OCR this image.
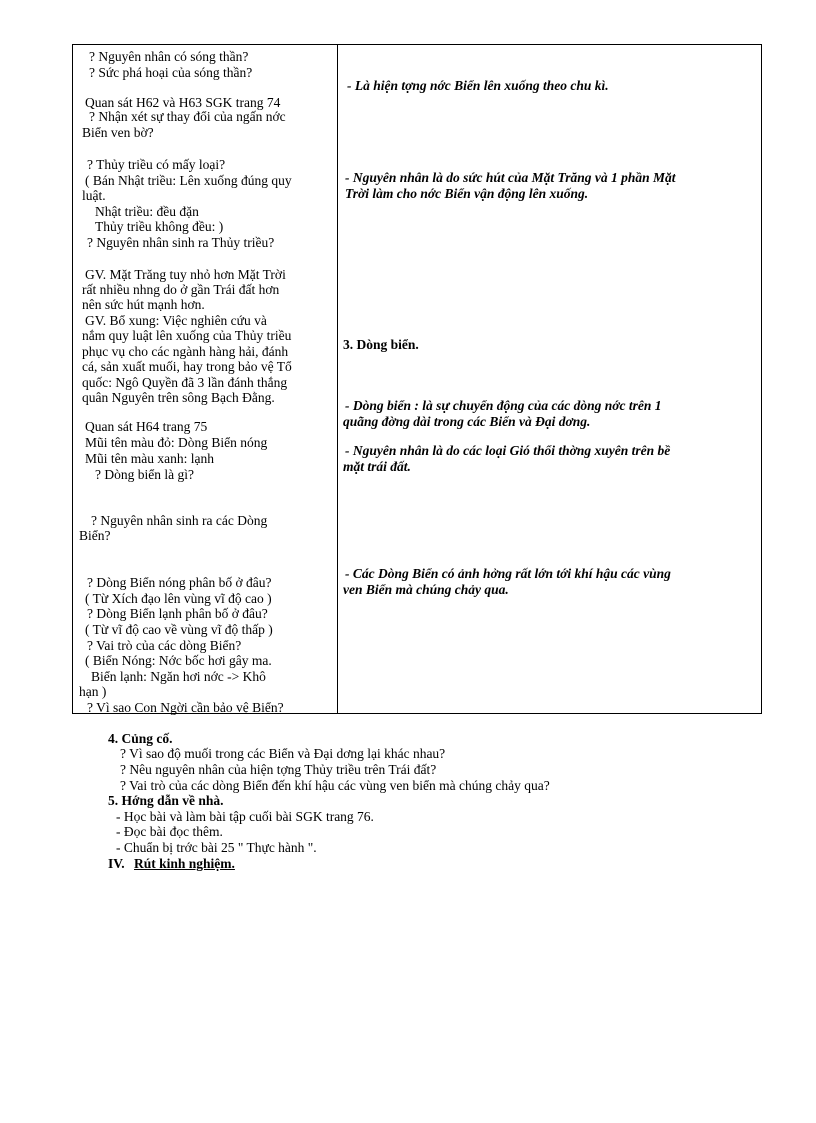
? Nguyên nhân có sóng thần?
? Sức phá hoại của sóng thần?
Quan sát H62 và H63 SGK trang 74
? Nhận xét sự thay đổi của ngấn nớc
Biển ven bờ?
? Thủy triều có mấy loại?
( Bán Nhật triều: Lên xuống đúng quy
luật.
Nhật triều: đều đặn
Thủy triều không đều: )
? Nguyên nhân sinh ra Thủy triều?
GV. Mặt Trăng tuy nhỏ hơn Mặt Trời
rất nhiều nhng do ở gần Trái đất hơn
nên sức hút mạnh hơn.
GV. Bổ xung: Việc nghiên cứu và
nắm quy luật lên xuống của Thủy triều
phục vụ cho các ngành hàng hải, đánh
cá, sản xuất muối, hay trong bảo vệ Tổ
quốc: Ngô Quyền đã 3 lần đánh thắng
quân Nguyên trên sông Bạch Đằng.
Quan sát H64 trang 75
Mũi tên màu đỏ: Dòng Biển nóng
Mũi tên màu xanh: lạnh
? Dòng biển là gì?
? Nguyên nhân sinh ra các Dòng
Biển?
? Dòng Biển nóng phân bố ở đâu?
( Từ Xích đạo lên vùng vĩ độ cao )
? Dòng Biển lạnh phân bố ở đâu?
( Từ vĩ độ cao về vùng vĩ độ thấp )
? Vai trò của các dòng Biển?
( Biển Nóng: Nớc bốc hơi gây ma.
Biển lạnh: Ngăn hơi nớc -> Khô
hạn )
? Vì sao Con Ngời cần bảo vệ Biển?
- Là hiện tợng nớc Biển lên xuống theo chu kì.
- Nguyên nhân là do sức hút của Mặt Trăng và 1 phần Mặt
Trời làm cho nớc Biển vận động lên xuống.
3. Dòng biển.
- Dòng biển : là sự chuyển động của các dòng nớc trên 1
quãng đờng dài trong các Biển và Đại dơng.
- Nguyên nhân là do các loại Gió thổi thờng xuyên trên bề
mặt trái đất.
- Các Dòng Biển có ảnh hởng rất lớn tới khí hậu các vùng
ven Biển mà chúng chảy qua.
4. Củng cố.
? Vì sao độ muối trong các Biển và Đại dơng lại khác nhau?
? Nêu nguyên nhân của hiện tợng Thủy triều trên Trái đất?
? Vai trò của các dòng Biển đến khí hậu các vùng ven biển mà chúng chảy qua?
5. Hớng dẫn về nhà.
- Học bài và làm bài tập cuối bài SGK trang 76.
- Đọc bài đọc thêm.
- Chuẩn bị trớc bài 25 " Thực hành ".
IV. Rút kinh nghiệm.
